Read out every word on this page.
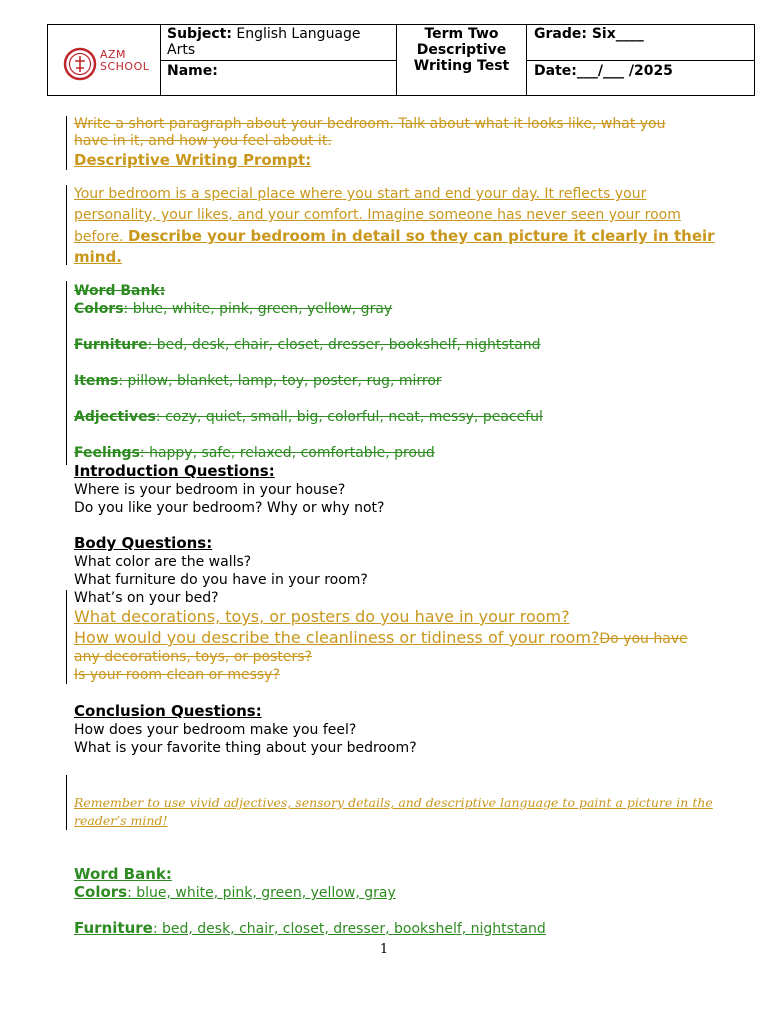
AZM
SCHOOL
Subject: English Language Arts
Name:
Term Two
Descriptive
Writing Test
Grade: Six____
Date:___/___ /2025
Write a short paragraph about your bedroom. Talk about what it looks like, what you
have in it, and how you feel about it.
Descriptive Writing Prompt:
Your bedroom is a special place where you start and end your day. It reflects your
personality, your likes, and your comfort. Imagine someone has never seen your room
before. Describe your bedroom in detail so they can picture it clearly in their
mind.
Word Bank:
Colors: blue, white, pink, green, yellow, gray
Furniture: bed, desk, chair, closet, dresser, bookshelf, nightstand
Items: pillow, blanket, lamp, toy, poster, rug, mirror
Adjectives: cozy, quiet, small, big, colorful, neat, messy, peaceful
Feelings: happy, safe, relaxed, comfortable, proud
Introduction Questions:
Where is your bedroom in your house?
Do you like your bedroom? Why or why not?
Body Questions:
What color are the walls?
What furniture do you have in your room?
What’s on your bed?
What decorations, toys, or posters do you have in your room?
How would you describe the cleanliness or tidiness of your room?Do you have
any decorations, toys, or posters?
Is your room clean or messy?
Conclusion Questions:
How does your bedroom make you feel?
What is your favorite thing about your bedroom?
Remember to use vivid adjectives, sensory details, and descriptive language to paint a picture in the
reader’s mind!
Word Bank:
Colors: blue, white, pink, green, yellow, gray
Furniture: bed, desk, chair, closet, dresser, bookshelf, nightstand
1
